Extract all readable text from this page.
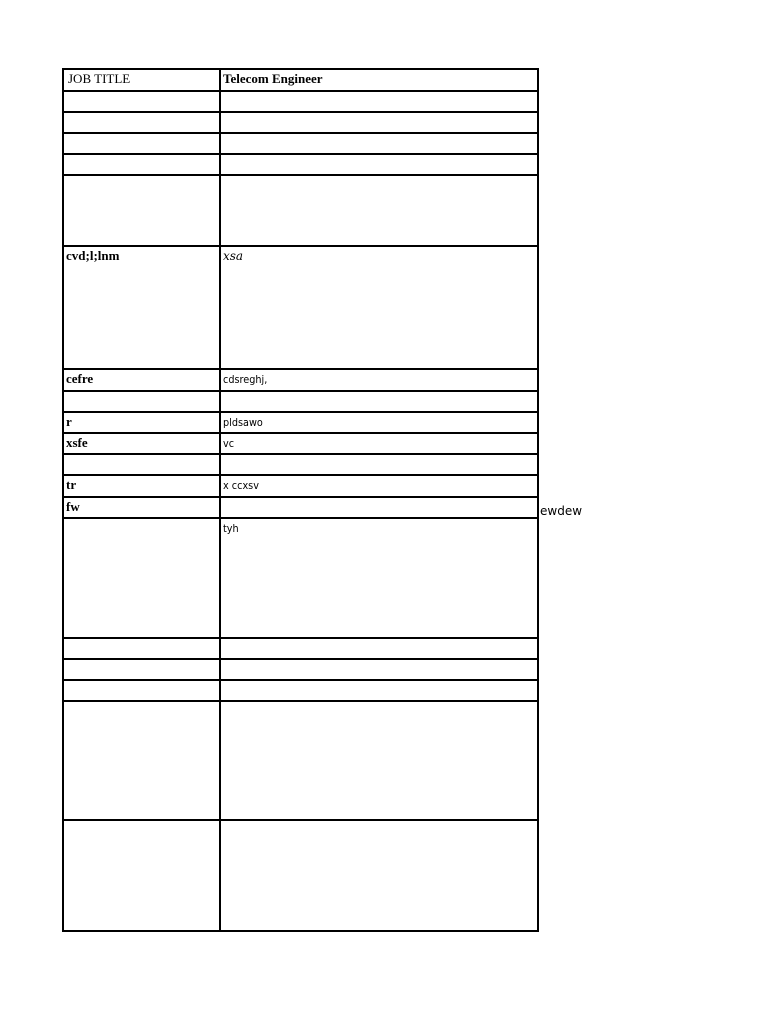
JOB TITLE	Telecom Engineer

cvd;l;lnm	xsa
cefre	cdsreghj,

r	pldsawo
xsfe	vc

tr	x ccxsv
fw	
	tyh

ewdew
